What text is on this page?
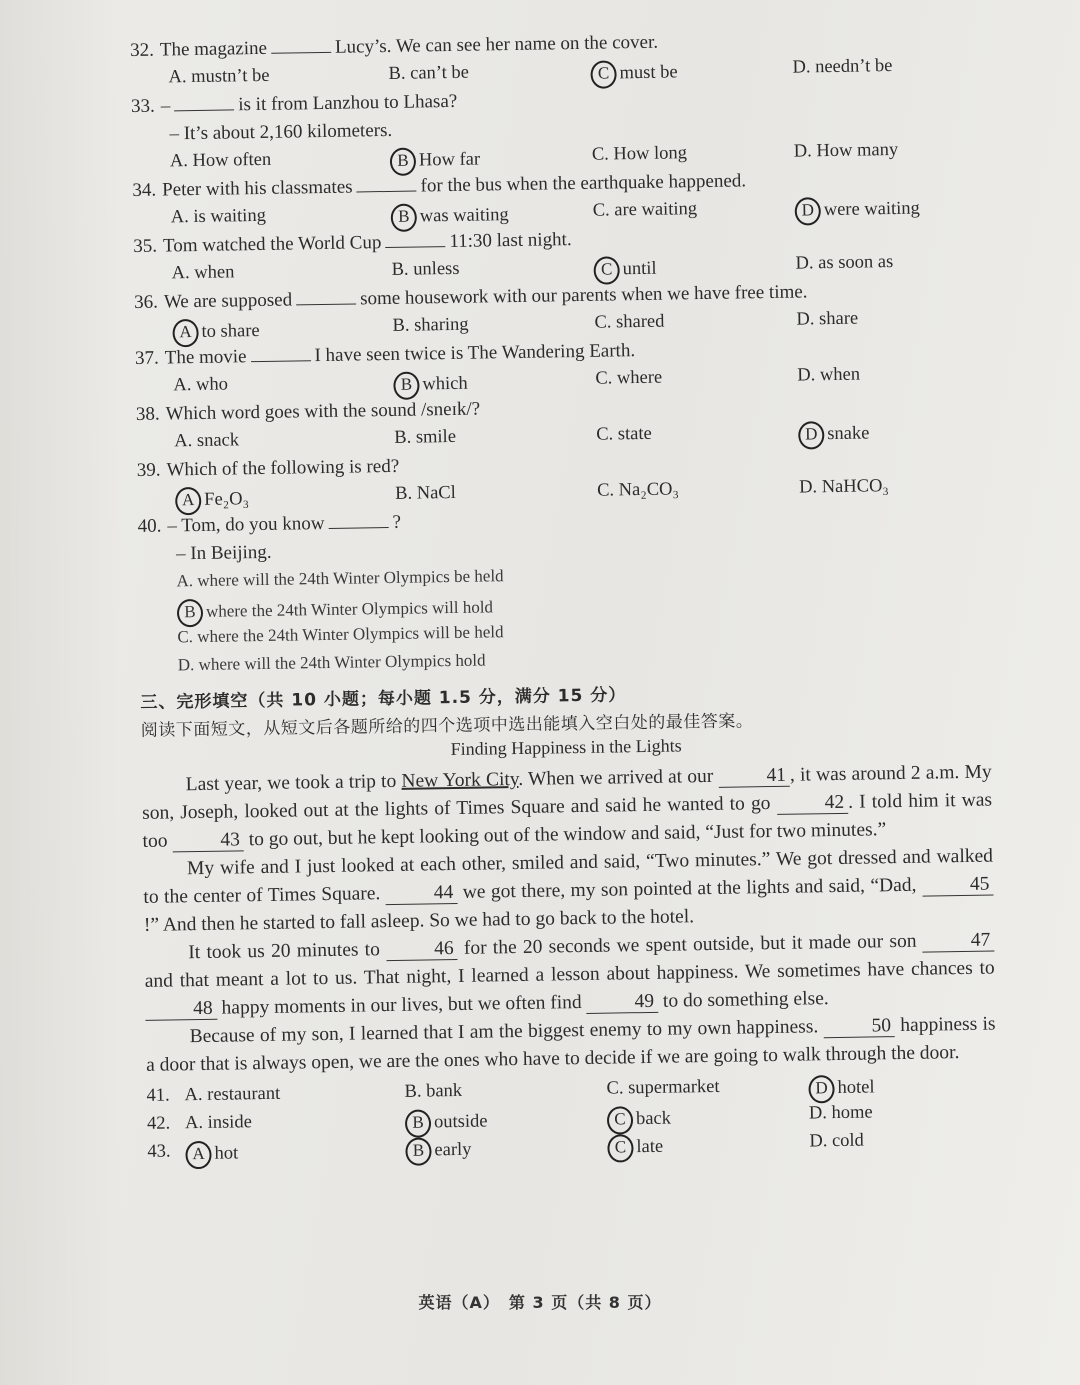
32. The magazine	Lucy’s. We can see her name on the cover.
A. mustn’t be	B. can’t be	C must be	D. needn’t be
33. –	is it from Lanzhou to Lhasa?
– It’s about 2,160 kilometers.
A. How often	B How far	C. How long	D. How many
34. Peter with his classmates	for the bus when the earthquake happened.
A. is waiting	B was waiting	C. are waiting	D were waiting
35. Tom watched the World Cup	11:30 last night.
A. when	B. unless	C until	D. as soon as
36. We are supposed	some housework with our parents when we have free time.
A to share	B. sharing	C. shared	D. share
37. The movie	I have seen twice is The Wandering Earth.
A. who	B which	C. where	D. when
38. Which word goes with the sound /sneɪk/?
A. snack	B. smile	C. state	D snake
39. Which of the following is red?
A Fe₂O₃	B. NaCl	C. Na₂CO₃	D. NaHCO₃
40. – Tom, do you know	?
– In Beijing.
A. where will the 24th Winter Olympics be held
B where the 24th Winter Olympics will hold
C. where the 24th Winter Olympics will be held
D. where will the 24th Winter Olympics hold
三、完形填空（共 10 小题；每小题 1.5 分，满分 15 分）
阅读下面短文，从短文后各题所给的四个选项中选出能填入空白处的最佳答案。
Finding Happiness in the Lights

Last year, we took a trip to New York City. When we arrived at our 41 , it was around 2 a.m. My son, Joseph, looked out at the lights of Times Square and said he wanted to go 42 . I told him it was too 43 to go out, but he kept looking out of the window and said, “Just for two minutes.”

My wife and I just looked at each other, smiled and said, “Two minutes.” We got dressed and walked to the center of Times Square. 44 we got there, my son pointed at the lights and said, “Dad, 45!” And then he started to fall asleep. So we had to go back to the hotel.

It took us 20 minutes to 46 for the 20 seconds we spent outside, but it made our son 47 and that meant a lot to us. That night, I learned a lesson about happiness. We sometimes have chances to 48 happy moments in our lives, but we often find 49 to do something else.

Because of my son, I learned that I am the biggest enemy to my own happiness. 50 happiness is a door that is always open, we are the ones who have to decide if we are going to walk through the door.

41. A. restaurant	B. bank	C. supermarket	D hotel
42. A. inside	B outside	C back	D. home
43.	A hot	B early	C late	D. cold
英语（A）　第 3 页（共 8 页）
